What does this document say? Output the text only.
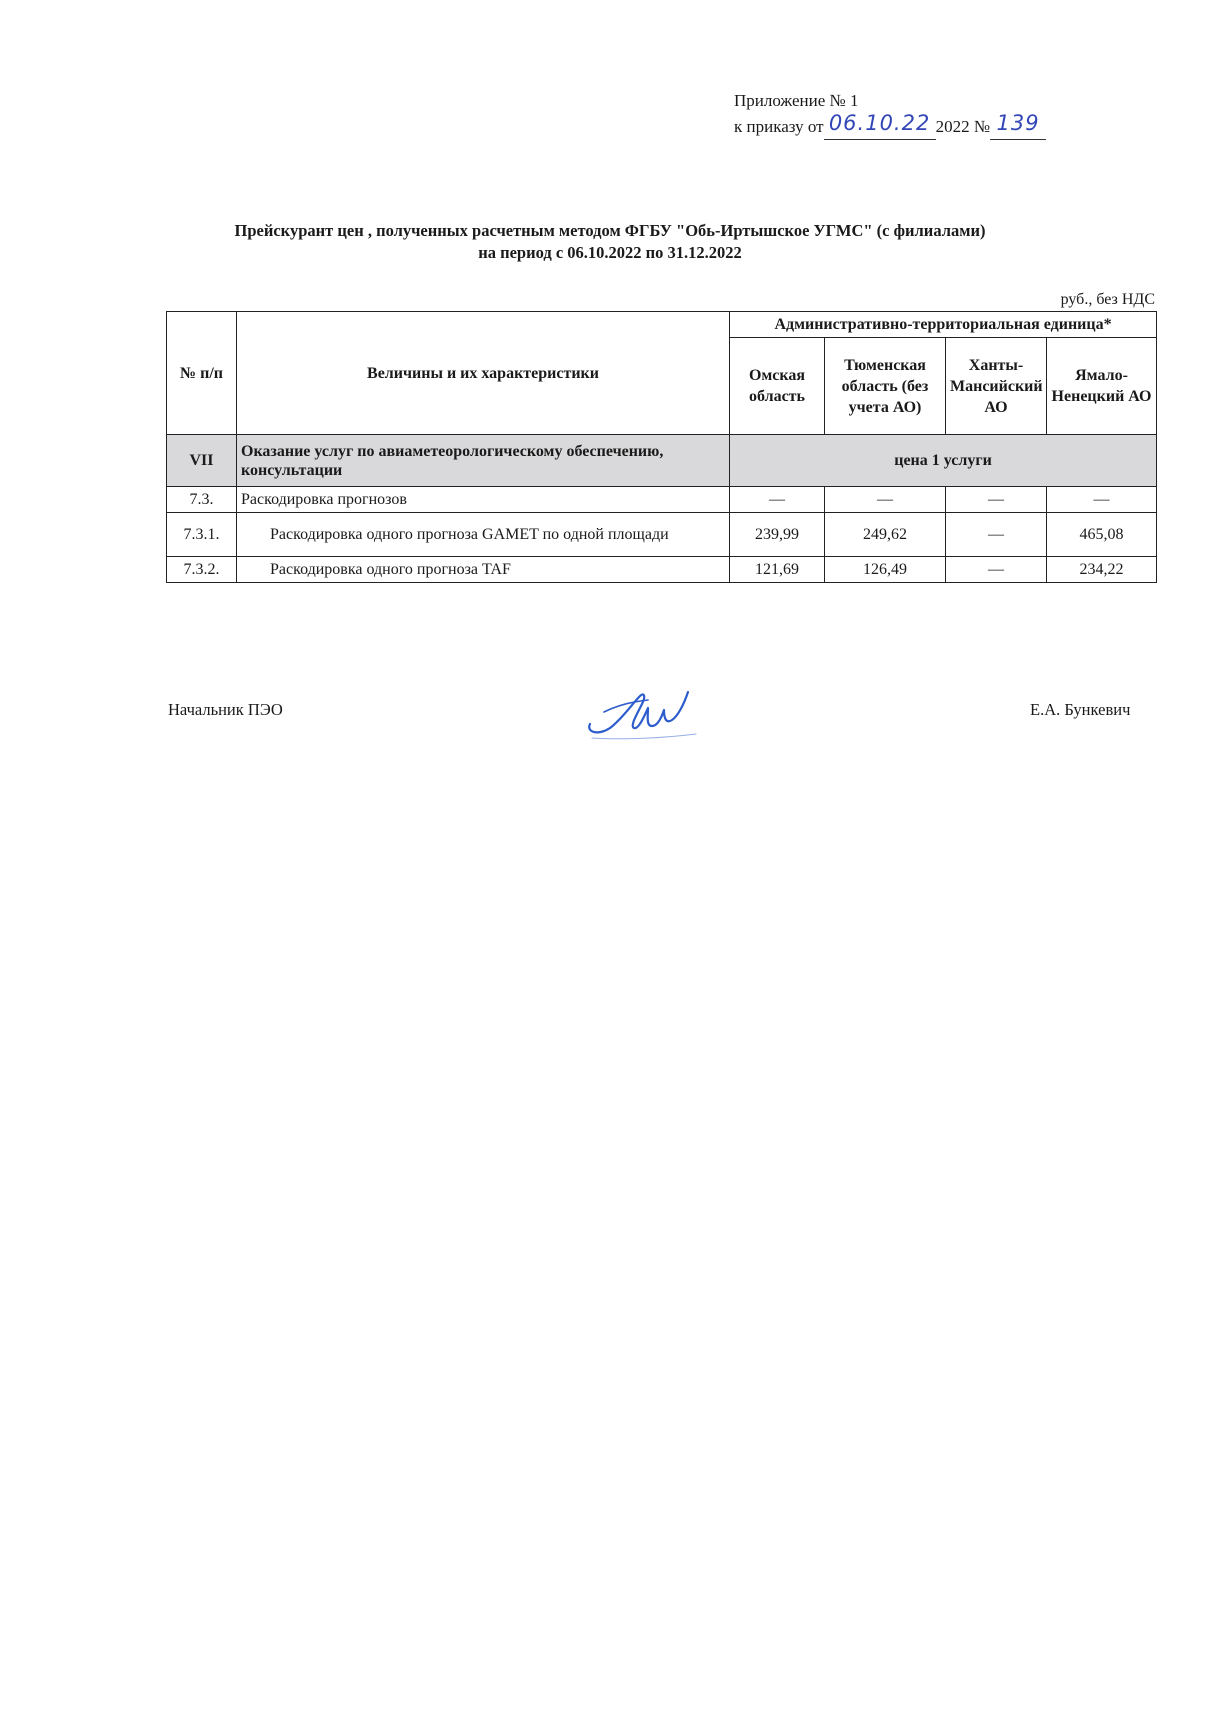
Приложение № 1
к приказу от 06.10.22 2022 № 139
Прейскурант цен , полученных расчетным методом ФГБУ "Обь-Иртышское УГМС" (с филиалами)
на период с 06.10.2022 по 31.12.2022
руб., без НДС
№ п/п	Величины и их характеристики	Административно-территориальная единица*			
		Омская область	Тюменская область (без учета АО)	Ханты-Мансийский АО	Ямало-Ненецкий АО
VII	Оказание услуг по авиаметеорологическому обеспечению, консультации	цена 1 услуги			
7.3.	Раскодировка прогнозов	—	—	—	—
7.3.1.	Раскодировка одного прогноза GAMET по одной площади	239,99	249,62	—	465,08
7.3.2.	Раскодировка одного прогноза TAF	121,69	126,49	—	234,22
Начальник ПЭО	Е.А. Бункевич
